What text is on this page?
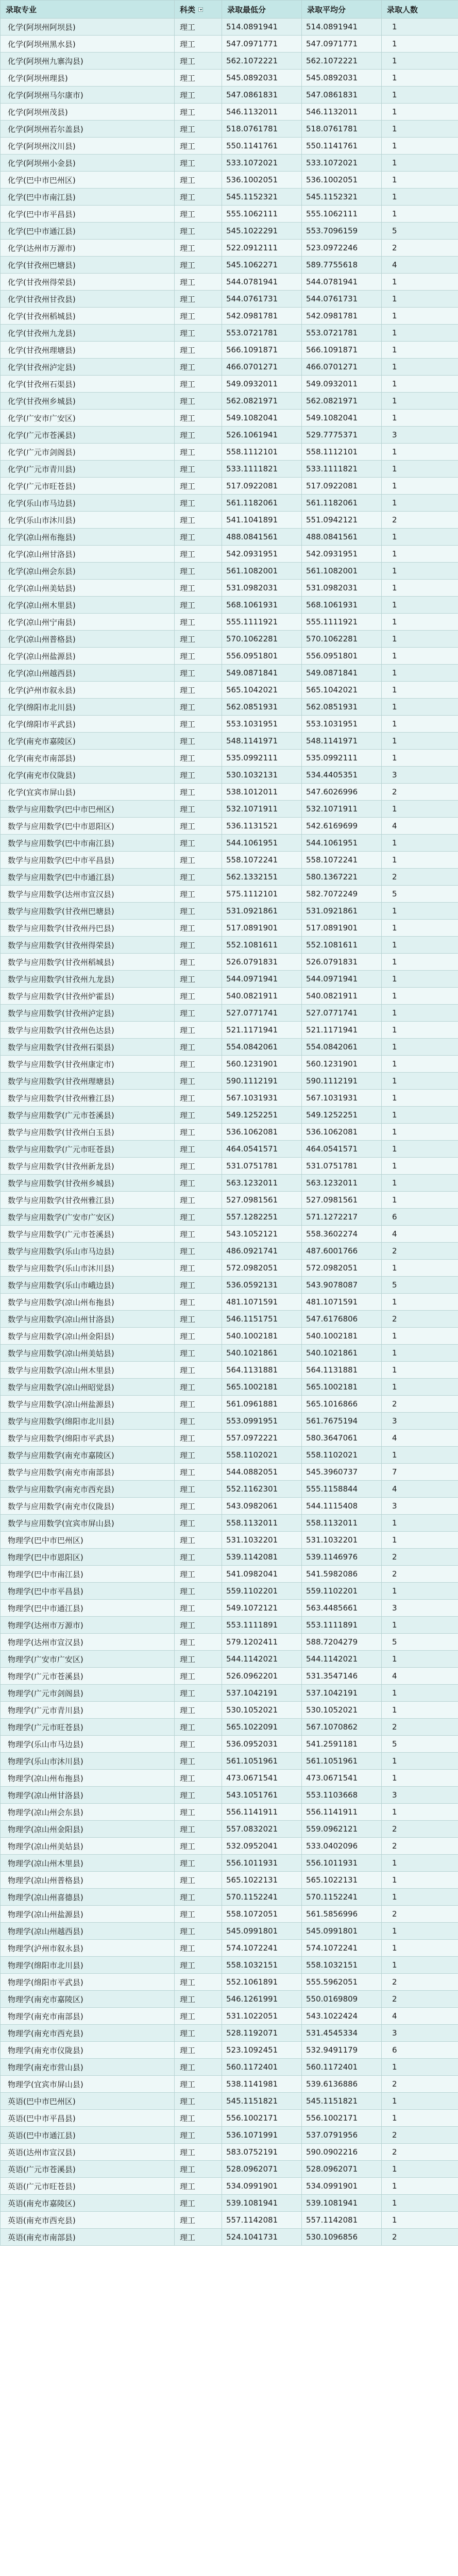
录取专业	科类	录取最低分	录取平均分	录取人数
化学(阿坝州阿坝县)	理工	514.0891941	514.0891941	1
化学(阿坝州黑水县)	理工	547.0971771	547.0971771	1
化学(阿坝州九寨沟县)	理工	562.1072221	562.1072221	1
化学(阿坝州理县)	理工	545.0892031	545.0892031	1
化学(阿坝州马尔康市)	理工	547.0861831	547.0861831	1
化学(阿坝州茂县)	理工	546.1132011	546.1132011	1
化学(阿坝州若尔盖县)	理工	518.0761781	518.0761781	1
化学(阿坝州汶川县)	理工	550.1141761	550.1141761	1
化学(阿坝州小金县)	理工	533.1072021	533.1072021	1
化学(巴中市巴州区)	理工	536.1002051	536.1002051	1
化学(巴中市南江县)	理工	545.1152321	545.1152321	1
化学(巴中市平昌县)	理工	555.1062111	555.1062111	1
化学(巴中市通江县)	理工	545.1022291	553.7096159	5
化学(达州市万源市)	理工	522.0912111	523.0972246	2
化学(甘孜州巴塘县)	理工	545.1062271	589.7755618	4
化学(甘孜州得荣县)	理工	544.0781941	544.0781941	1
化学(甘孜州甘孜县)	理工	544.0761731	544.0761731	1
化学(甘孜州稻城县)	理工	542.0981781	542.0981781	1
化学(甘孜州九龙县)	理工	553.0721781	553.0721781	1
化学(甘孜州理塘县)	理工	566.1091871	566.1091871	1
化学(甘孜州泸定县)	理工	466.0701271	466.0701271	1
化学(甘孜州石渠县)	理工	549.0932011	549.0932011	1
化学(甘孜州乡城县)	理工	562.0821971	562.0821971	1
化学(广安市广安区)	理工	549.1082041	549.1082041	1
化学(广元市苍溪县)	理工	526.1061941	529.7775371	3
化学(广元市剑阁县)	理工	558.1112101	558.1112101	1
化学(广元市青川县)	理工	533.1111821	533.1111821	1
化学(广元市旺苍县)	理工	517.0922081	517.0922081	1
化学(乐山市马边县)	理工	561.1182061	561.1182061	1
化学(乐山市沐川县)	理工	541.1041891	551.0942121	2
化学(凉山州布拖县)	理工	488.0841561	488.0841561	1
化学(凉山州甘洛县)	理工	542.0931951	542.0931951	1
化学(凉山州会东县)	理工	561.1082001	561.1082001	1
化学(凉山州美姑县)	理工	531.0982031	531.0982031	1
化学(凉山州木里县)	理工	568.1061931	568.1061931	1
化学(凉山州宁南县)	理工	555.1111921	555.1111921	1
化学(凉山州普格县)	理工	570.1062281	570.1062281	1
化学(凉山州盐源县)	理工	556.0951801	556.0951801	1
化学(凉山州越西县)	理工	549.0871841	549.0871841	1
化学(泸州市叙永县)	理工	565.1042021	565.1042021	1
化学(绵阳市北川县)	理工	562.0851931	562.0851931	1
化学(绵阳市平武县)	理工	553.1031951	553.1031951	1
化学(南充市嘉陵区)	理工	548.1141971	548.1141971	1
化学(南充市南部县)	理工	535.0992111	535.0992111	1
化学(南充市仪陇县)	理工	530.1032131	534.4405351	3
化学(宜宾市屏山县)	理工	538.1012011	547.6026996	2
数学与应用数学(巴中市巴州区)	理工	532.1071911	532.1071911	1
数学与应用数学(巴中市恩阳区)	理工	536.1131521	542.6169699	4
数学与应用数学(巴中市南江县)	理工	544.1061951	544.1061951	1
数学与应用数学(巴中市平昌县)	理工	558.1072241	558.1072241	1
数学与应用数学(巴中市通江县)	理工	562.1332151	580.1367221	2
数学与应用数学(达州市宣汉县)	理工	575.1112101	582.7072249	5
数学与应用数学(甘孜州巴塘县)	理工	531.0921861	531.0921861	1
数学与应用数学(甘孜州丹巴县)	理工	517.0891901	517.0891901	1
数学与应用数学(甘孜州得荣县)	理工	552.1081611	552.1081611	1
数学与应用数学(甘孜州稻城县)	理工	526.0791831	526.0791831	1
数学与应用数学(甘孜州九龙县)	理工	544.0971941	544.0971941	1
数学与应用数学(甘孜州炉霍县)	理工	540.0821911	540.0821911	1
数学与应用数学(甘孜州泸定县)	理工	527.0771741	527.0771741	1
数学与应用数学(甘孜州色达县)	理工	521.1171941	521.1171941	1
数学与应用数学(甘孜州石渠县)	理工	554.0842061	554.0842061	1
数学与应用数学(甘孜州康定市)	理工	560.1231901	560.1231901	1
数学与应用数学(甘孜州理塘县)	理工	590.1112191	590.1112191	1
数学与应用数学(甘孜州雅江县)	理工	567.1031931	567.1031931	1
数学与应用数学(广元市苍溪县)	理工	549.1252251	549.1252251	1
数学与应用数学(甘孜州白玉县)	理工	536.1062081	536.1062081	1
数学与应用数学(广元市旺苍县)	理工	464.0541571	464.0541571	1
数学与应用数学(甘孜州新龙县)	理工	531.0751781	531.0751781	1
数学与应用数学(甘孜州乡城县)	理工	563.1232011	563.1232011	1
数学与应用数学(甘孜州雅江县)	理工	527.0981561	527.0981561	1
数学与应用数学(广安市广安区)	理工	557.1282251	571.1272217	6
数学与应用数学(广元市苍溪县)	理工	543.1052121	558.3602274	4
数学与应用数学(乐山市马边县)	理工	486.0921741	487.6001766	2
数学与应用数学(乐山市沐川县)	理工	572.0982051	572.0982051	1
数学与应用数学(乐山市峨边县)	理工	536.0592131	543.9078087	5
数学与应用数学(凉山州布拖县)	理工	481.1071591	481.1071591	1
数学与应用数学(凉山州甘洛县)	理工	546.1151751	547.6176806	2
数学与应用数学(凉山州金阳县)	理工	540.1002181	540.1002181	1
数学与应用数学(凉山州美姑县)	理工	540.1021861	540.1021861	1
数学与应用数学(凉山州木里县)	理工	564.1131881	564.1131881	1
数学与应用数学(凉山州昭觉县)	理工	565.1002181	565.1002181	1
数学与应用数学(凉山州盐源县)	理工	561.0961881	565.1016866	2
数学与应用数学(绵阳市北川县)	理工	553.0991951	561.7675194	3
数学与应用数学(绵阳市平武县)	理工	557.0972221	580.3647061	4
数学与应用数学(南充市嘉陵区)	理工	558.1102021	558.1102021	1
数学与应用数学(南充市南部县)	理工	544.0882051	545.3960737	7
数学与应用数学(南充市西充县)	理工	552.1162301	555.1158844	4
数学与应用数学(南充市仪陇县)	理工	543.0982061	544.1115408	3
数学与应用数学(宜宾市屏山县)	理工	558.1132011	558.1132011	1
物理学(巴中市巴州区)	理工	531.1032201	531.1032201	1
物理学(巴中市恩阳区)	理工	539.1142081	539.1146976	2
物理学(巴中市南江县)	理工	541.0982041	541.5982086	2
物理学(巴中市平昌县)	理工	559.1102201	559.1102201	1
物理学(巴中市通江县)	理工	549.1072121	563.4485661	3
物理学(达州市万源市)	理工	553.1111891	553.1111891	1
物理学(达州市宣汉县)	理工	579.1202411	588.7204279	5
物理学(广安市广安区)	理工	544.1142021	544.1142021	1
物理学(广元市苍溪县)	理工	526.0962201	531.3547146	4
物理学(广元市剑阁县)	理工	537.1042191	537.1042191	1
物理学(广元市青川县)	理工	530.1052021	530.1052021	1
物理学(广元市旺苍县)	理工	565.1022091	567.1070862	2
物理学(乐山市马边县)	理工	536.0952031	541.2591181	5
物理学(乐山市沐川县)	理工	561.1051961	561.1051961	1
物理学(凉山州布拖县)	理工	473.0671541	473.0671541	1
物理学(凉山州甘洛县)	理工	543.1051761	553.1103668	3
物理学(凉山州会东县)	理工	556.1141911	556.1141911	1
物理学(凉山州金阳县)	理工	557.0832021	559.0962121	2
物理学(凉山州美姑县)	理工	532.0952041	533.0402096	2
物理学(凉山州木里县)	理工	556.1011931	556.1011931	1
物理学(凉山州普格县)	理工	565.1022131	565.1022131	1
物理学(凉山州喜德县)	理工	570.1152241	570.1152241	1
物理学(凉山州盐源县)	理工	558.1072051	561.5856996	2
物理学(凉山州越西县)	理工	545.0991801	545.0991801	1
物理学(泸州市叙永县)	理工	574.1072241	574.1072241	1
物理学(绵阳市北川县)	理工	558.1032151	558.1032151	1
物理学(绵阳市平武县)	理工	552.1061891	555.5962051	2
物理学(南充市嘉陵区)	理工	546.1261991	550.0169809	2
物理学(南充市南部县)	理工	531.1022051	543.1022424	4
物理学(南充市西充县)	理工	528.1192071	531.4545334	3
物理学(南充市仪陇县)	理工	523.1092451	532.9491179	6
物理学(南充市营山县)	理工	560.1172401	560.1172401	1
物理学(宜宾市屏山县)	理工	538.1141981	539.6136886	2
英语(巴中市巴州区)	理工	545.1151821	545.1151821	1
英语(巴中市平昌县)	理工	556.1002171	556.1002171	1
英语(巴中市通江县)	理工	536.1071991	537.0791956	2
英语(达州市宣汉县)	理工	583.0752191	590.0902216	2
英语(广元市苍溪县)	理工	528.0962071	528.0962071	1
英语(广元市旺苍县)	理工	534.0991901	534.0991901	1
英语(南充市嘉陵区)	理工	539.1081941	539.1081941	1
英语(南充市西充县)	理工	557.1142081	557.1142081	1
英语(南充市南部县)	理工	524.1041731	530.1096856	2
